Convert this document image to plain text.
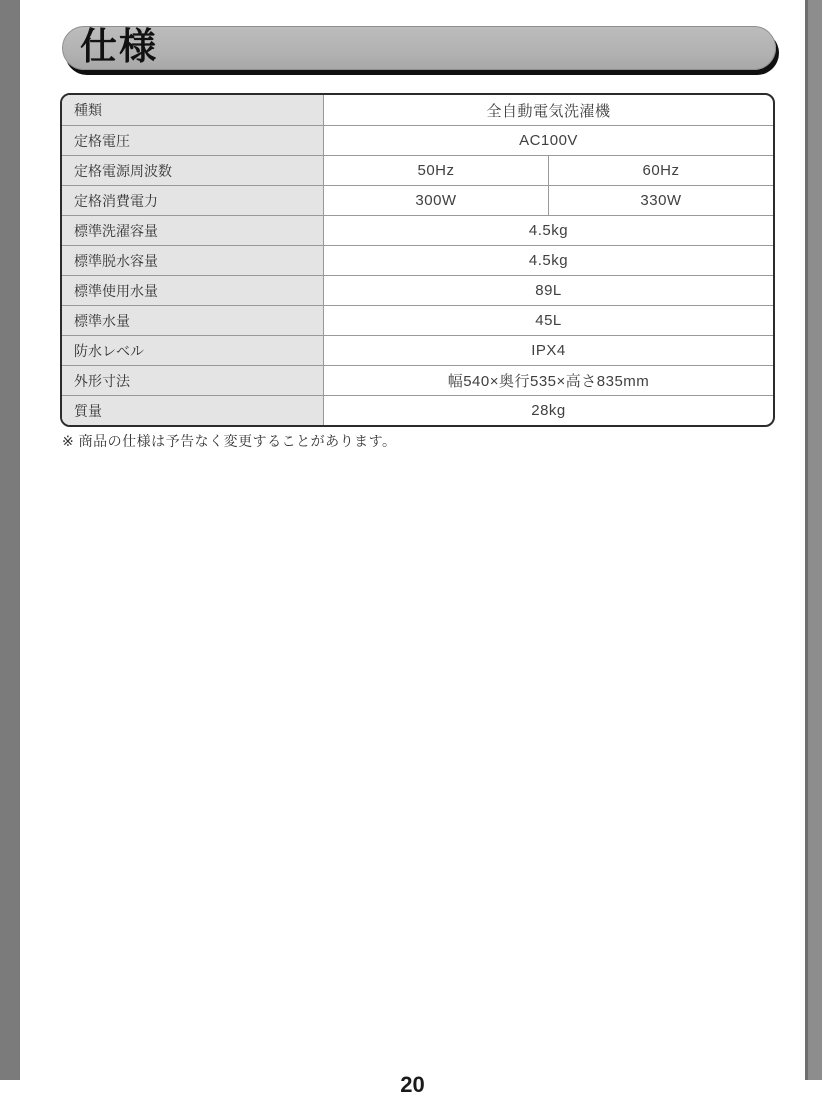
仕様
種類	全自動電気洗濯機
定格電圧	AC100V
定格電源周波数	50Hz	60Hz
定格消費電力	300W	330W
標準洗濯容量	4.5kg
標準脱水容量	4.5kg
標準使用水量	89L
標準水量	45L
防水レベル	IPX4
外形寸法	幅540×奥行535×高さ835mm
質量	28kg
※ 商品の仕様は予告なく変更することがあります。
20
